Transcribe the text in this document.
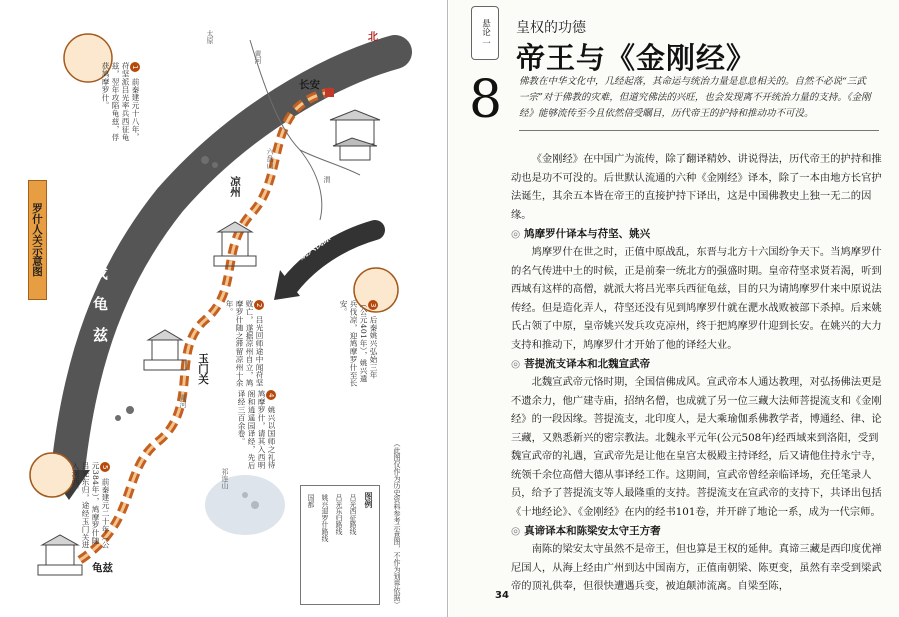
罗什人关示意图
北
长安
凉州
玉门关
龟兹
太原
黄河
渭
六盘山
祁连山
黄河
吕光攻伐龟兹	姚兴伐凉
1 前秦建元十八年，苻坚派吕光率兵西征龟兹，翌年攻陷龟兹，俘获鸠摩罗什。
2 吕光回师途中闻苻坚败亡，遂据凉州自立，鸠摩罗什随之滞留凉州十余年。	3 后秦姚兴弘始三年（公元401年），姚兴遣兵伐凉，迎鸠摩罗什至长安。
4 姚兴以国师之礼待鸠摩罗什，请其入西明阁和逍遥园译经，先后译经三百余卷。
5 前秦建元二十年（公元384年），鸠摩罗什随吕光东归，途经玉门关进入河西。
图例
吕光西征路线
吕光东归路线
姚兴迎罗什路线
国都	（此图仅作为历史资料参考示意图，不作为划界依据）
悬论 一	皇权的功德
帝王与《金刚经》
8 佛教在中华文化中，几经起落，其命运与统治力量是息息相关的。自然不必说“三武一宗”对于佛教的灾难，但道究佛法的兴旺，也会发现离不开统治力量的支持。《金刚经》能够流传至今且依然倍受瞩目，历代帝王的护持和推动功不可没。

《金刚经》在中国广为流传，除了翻译精妙、讲说得法，历代帝王的护持和推动也是功不可没的。后世默认流通的六种《金刚经》译本，除了一本由地方长官护法诞生，其余五本皆在帝王的直接护持下译出，这是中国佛教史上独一无二的因缘。

◎ 鸠摩罗什译本与苻坚、姚兴

鸠摩罗什在世之时，正值中原战乱，东晋与北方十六国纷争天下。当鸠摩罗什的名气传进中土的时候，正是前秦一统北方的强盛时期。皇帝苻坚求贤若渴，听到西域有这样的高僧，就派大将吕光率兵西征龟兹，目的只为请鸠摩罗什来中原说法传经。但是造化弄人，苻坚还没有见到鸠摩罗什就在淝水战败被部下杀掉。后来姚氏占领了中原，皇帝姚兴发兵攻克凉州，终于把鸠摩罗什迎到长安。在姚兴的大力支持和推动下，鸠摩罗什才开始了他的译经大业。

◎ 菩提流支译本和北魏宣武帝

北魏宣武帝元恪时期，全国信佛成风。宣武帝本人通达教理，对弘扬佛法更是不遗余力，他广建寺庙，招纳名僧，也成就了另一位三藏大法师菩提流支和《金刚经》的一段因缘。菩提流支，北印度人，是大乘瑜伽系佛教学者，博通经、律、论三藏，又熟悉新兴的密宗教法。北魏永平元年(公元508年)经西域来到洛阳，受到魏宣武帝的礼遇，宣武帝先是让他在皇宫太极殿主持译经，后又请他住持永宁寺，统领千余位高僧大德从事译经工作。这期间，宣武帝曾经亲临译场，充任笔录人员，给予了菩提流支等人最隆重的支持。菩提流支在宣武帝的支持下，共译出包括《十地经论》、《金刚经》在内的经书101卷，并开辟了地论一系，成为一代宗师。

◎ 真谛译本和陈梁安太守王方奢

南陈的梁安太守虽然不是帝王，但也算是王权的延伸。真谛三藏是西印度优禅尼国人，从海上经由广州到达中国南方，正值南朝梁、陈更变，虽然有幸受到梁武帝的顶礼供奉，但很快遭遇兵变，被迫颠沛流离。自梁至陈，

34
